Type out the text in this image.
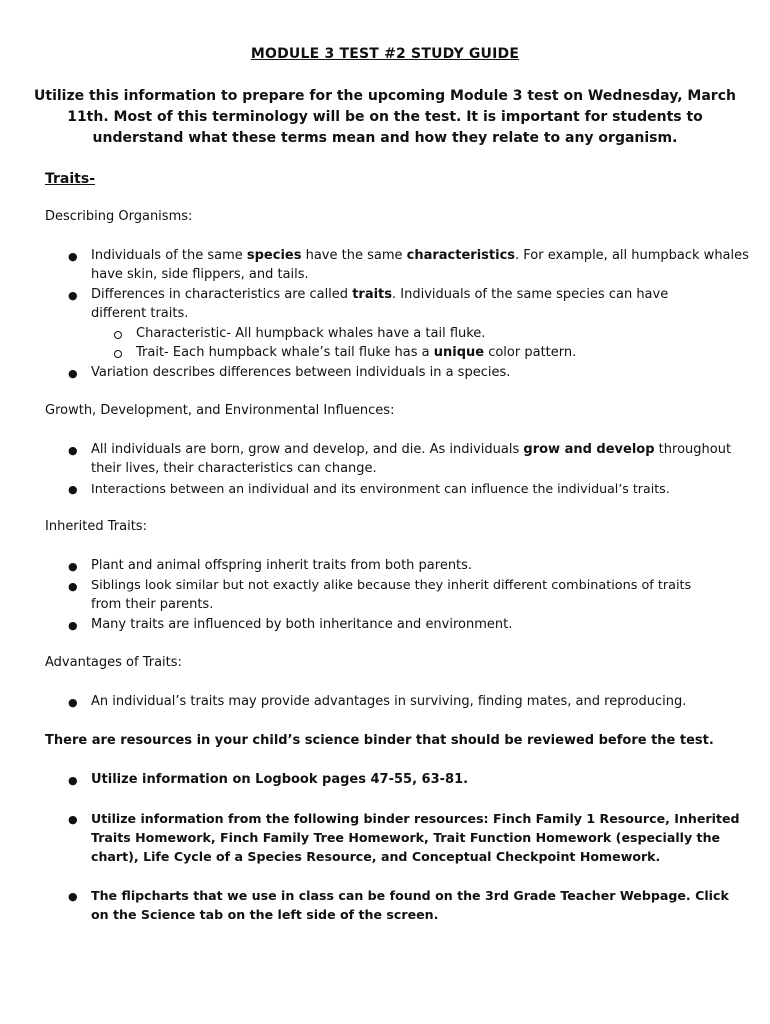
MODULE 3 TEST #2 STUDY GUIDE
Utilize this information to prepare for the upcoming Module 3 test on Wednesday, March
11th. Most of this terminology will be on the test. It is important for students to
understand what these terms mean and how they relate to any organism.
Traits-
Describing Organisms:
● Individuals of the same species have the same characteristics. For example, all humpback whales
have skin, side flippers, and tails.
● Differences in characteristics are called traits. Individuals of the same species can have
different traits.
Characteristic- All humpback whales have a tail fluke.
Trait- Each humpback whale’s tail fluke has a unique color pattern.
● Variation describes differences between individuals in a species.
Growth, Development, and Environmental Influences:
● All individuals are born, grow and develop, and die. As individuals grow and develop throughout
their lives, their characteristics can change.
● Interactions between an individual and its environment can influence the individual’s traits.
Inherited Traits:
● Plant and animal offspring inherit traits from both parents.
● Siblings look similar but not exactly alike because they inherit different combinations of traits
from their parents.
● Many traits are influenced by both inheritance and environment.
Advantages of Traits:
● An individual’s traits may provide advantages in surviving, finding mates, and reproducing.
There are resources in your child’s science binder that should be reviewed before the test.
● Utilize information on Logbook pages 47-55, 63-81.
● Utilize information from the following binder resources: Finch Family 1 Resource, Inherited
Traits Homework, Finch Family Tree Homework, Trait Function Homework (especially the
chart), Life Cycle of a Species Resource, and Conceptual Checkpoint Homework.
● The flipcharts that we use in class can be found on the 3rd Grade Teacher Webpage. Click
on the Science tab on the left side of the screen.
